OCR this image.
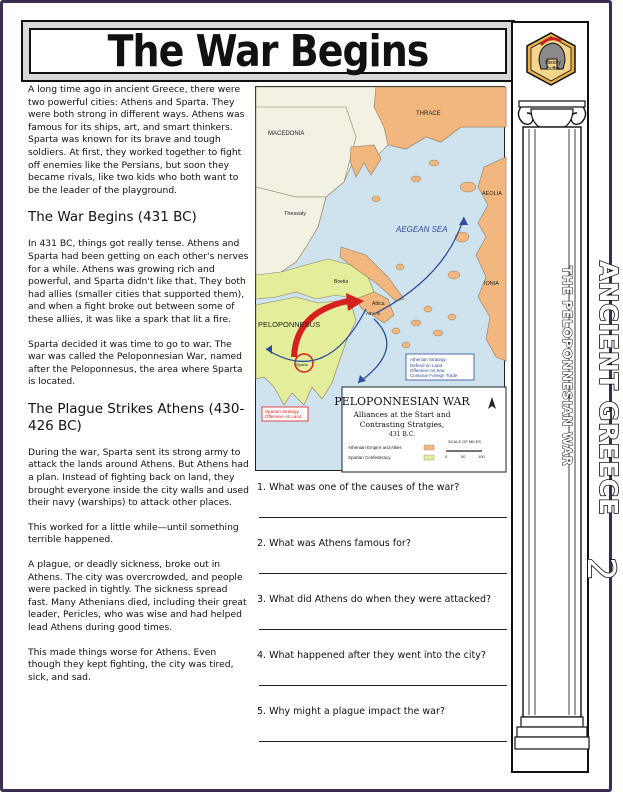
The War Begins

A long time ago in ancient Greece, there were two powerful cities: Athens and Sparta. They were both strong in different ways. Athens was famous for its ships, art, and smart thinkers. Sparta was known for its brave and tough soldiers. At first, they worked together to fight off enemies like the Persians, but soon they became rivals, like two kids who both want to be the leader of the playground.

The War Begins (431 BC)

In 431 BC, things got really tense. Athens and Sparta had been getting on each other's nerves for a while. Athens was growing rich and powerful, and Sparta didn't like that. They both had allies (smaller cities that supported them), and when a fight broke out between some of these allies, it was like a spark that lit a fire.

Sparta decided it was time to go to war. The war was called the Peloponnesian War, named after the Peloponnesus, the area where Sparta is located.

The Plague Strikes Athens (430-426 BC)

During the war, Sparta sent its strong army to attack the lands around Athens. But Athens had a plan. Instead of fighting back on land, they brought everyone inside the city walls and used their navy (warships) to attack other places.

This worked for a little while—until something terrible happened.

A plague, or deadly sickness, broke out in Athens. The city was overcrowded, and people were packed in tightly. The sickness spread fast. Many Athenians died, including their great leader, Pericles, who was wise and had helped lead Athens during good times.

This made things worse for Athens. Even though they kept fighting, the city was tired, sick, and sad.

THRACE
MACEDONIA
Thessaly
AEGEAN SEA
AEOLIA
IONIA
Boetia
Attica
Athens
PELOPONNESUS
Sparta
Athenian Strategy:
Defend on Land
Offensive on Sea
Continue Foreign Trade
Spartan Strategy:
Offensive on Land
PELOPONNESIAN WAR
Alliances at the Start and
Contrasting Stratgies,
431 B.C.
Athenian Empire and Allies
Spartan Confederacy
SCALE OF MILES
0	50	100
1. What was one of the causes of the war?
2. What was Athens famous for?
3. What did Athens do when they were attacked?
4. What happened after they went into the city?
5. Why might a plague impact the war?
History
Buffet
ANCIENT GREECE
THE PELOPONNESIAN WAR
2
